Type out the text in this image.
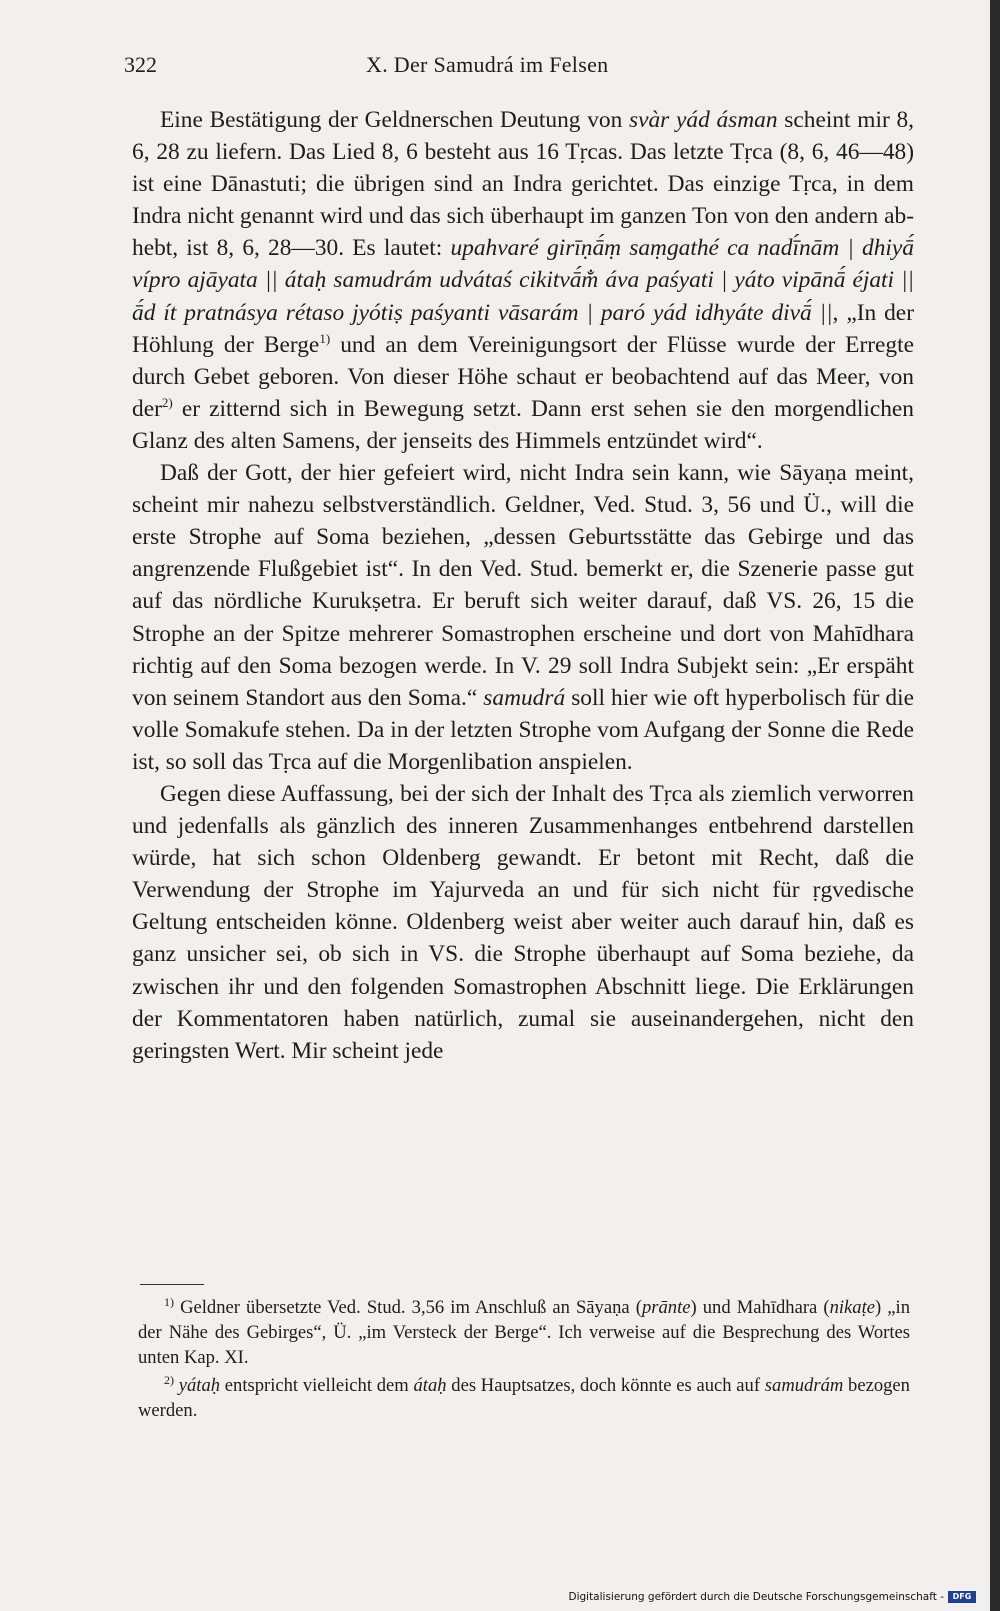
322	X. Der Samudrá im Felsen

Eine Bestätigung der Geldnerschen Deutung von svàr yád ásman scheint mir 8, 6, 28 zu liefern. Das Lied 8, 6 besteht aus 16 Tṛcas. Das letzte Tṛca (8, 6, 46—48) ist eine Dānastuti; die übrigen sind an Indra gerichtet. Das einzige Tṛca, in dem Indra nicht genannt wird und das sich überhaupt im ganzen Ton von den andern abhebt, ist 8, 6, 28—30. Es lautet: upahvaré girīṇā́ṃ saṃgathé ca nadī́nām | dhiyā́ vípro ajāyata || átaḥ samudrám udvátaś cikitvā́m̐ áva paśyati | yáto vipānā́ éjati || ā́d ít pratnásya rétaso jyótiṣ paśyanti vāsarám | paró yád idhyáte divā́ ||, „In der Höhlung der Berge$^{1)}$ und an dem Vereinigungsort der Flüsse wurde der Erregte durch Gebet geboren. Von dieser Höhe schaut er beobachtend auf das Meer, von der$^{2)}$ er zitternd sich in Bewegung setzt. Dann erst sehen sie den morgendlichen Glanz des alten Samens, der jenseits des Himmels entzündet wird“.

Daß der Gott, der hier gefeiert wird, nicht Indra sein kann, wie Sāyaṇa meint, scheint mir nahezu selbstverständlich. Geldner, Ved. Stud. 3, 56 und Ü., will die erste Strophe auf Soma beziehen, „dessen Geburtsstätte das Gebirge und das angrenzende Flußgebiet ist“. In den Ved. Stud. bemerkt er, die Szenerie passe gut auf das nördliche Kurukṣetra. Er beruft sich weiter darauf, daß VS. 26, 15 die Strophe an der Spitze mehrerer Somastrophen erscheine und dort von Mahīdhara richtig auf den Soma bezogen werde. In V. 29 soll Indra Subjekt sein: „Er erspäht von seinem Standort aus den Soma.“ samudrá soll hier wie oft hyperbolisch für die volle Somakufe stehen. Da in der letzten Strophe vom Aufgang der Sonne die Rede ist, so soll das Tṛca auf die Morgenlibation anspielen.

Gegen diese Auffassung, bei der sich der Inhalt des Tṛca als ziemlich verworren und jedenfalls als gänzlich des inneren Zusammenhanges entbehrend darstellen würde, hat sich schon Oldenberg gewandt. Er betont mit Recht, daß die Verwendung der Strophe im Yajurveda an und für sich nicht für ṛgvedische Geltung entscheiden könne. Oldenberg weist aber weiter auch darauf hin, daß es ganz unsicher sei, ob sich in VS. die Strophe überhaupt auf Soma beziehe, da zwischen ihr und den folgenden Somastrophen Abschnitt liege. Die Erklärungen der Kommentatoren haben natürlich, zumal sie auseinandergehen, nicht den geringsten Wert. Mir scheint jede

$^{1)}$ Geldner übersetzte Ved. Stud. 3,56 im Anschluß an Sāyaṇa (prānte) und Mahīdhara (nikaṭe) „in der Nähe des Gebirges“, Ü. „im Versteck der Berge“. Ich verweise auf die Besprechung des Wortes unten Kap. XI.

$^{2)}$ yátaḥ entspricht vielleicht dem átaḥ des Hauptsatzes, doch könnte es auch auf samudrám bezogen werden.

Digitalisierung gefördert durch die Deutsche Forschungsgemeinschaft -	DFG
